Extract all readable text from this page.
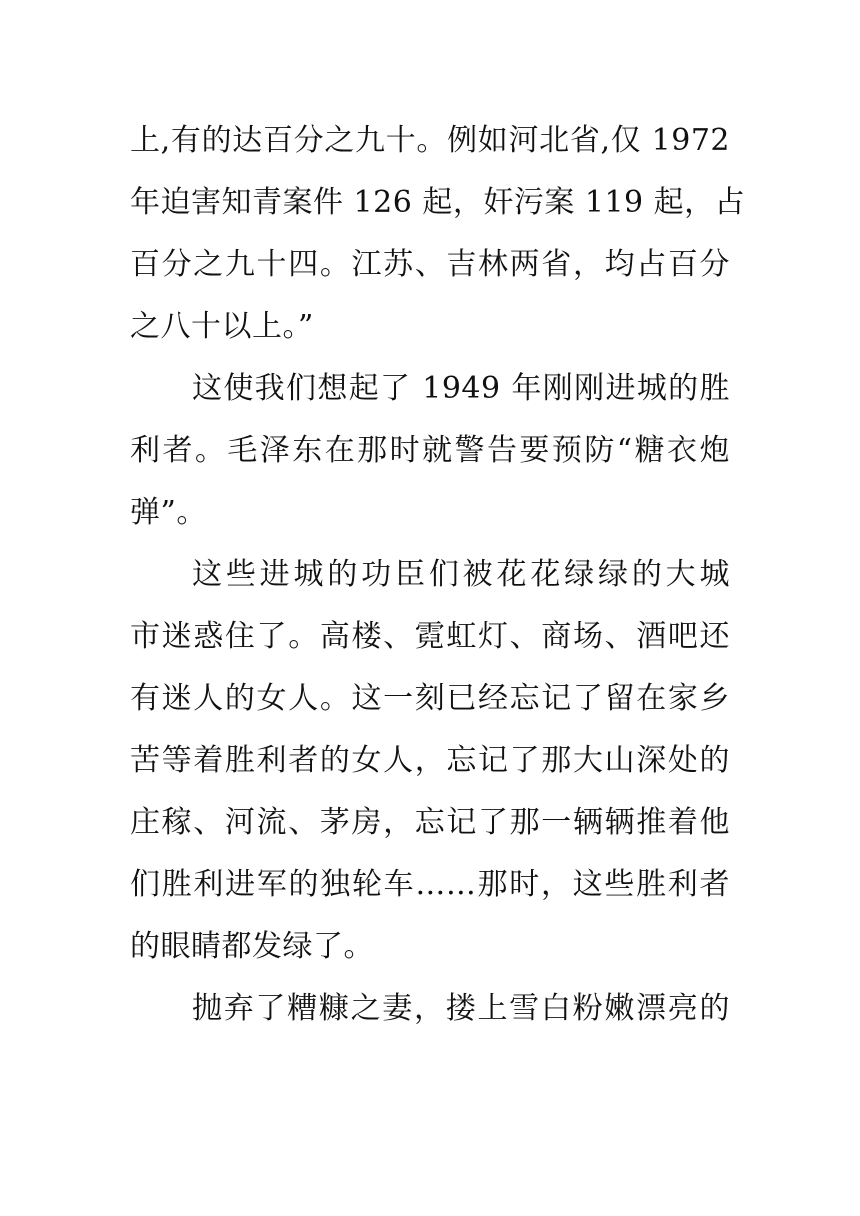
上,有的达百分之九十。例如河北省,仅 1972
年迫害知青案件 126 起，奸污案 119 起，占
百分之九十四。江苏、吉林两省，均占百分
之八十以上。”
这使我们想起了 1949 年刚刚进城的胜
利者。毛泽东在那时就警告要预防“糖衣炮
弹”。
这些进城的功臣们被花花绿绿的大城
市迷惑住了。高楼、霓虹灯、商场、酒吧还
有迷人的女人。这一刻已经忘记了留在家乡
苦等着胜利者的女人，忘记了那大山深处的
庄稼、河流、茅房，忘记了那一辆辆推着他
们胜利进军的独轮车……那时，这些胜利者
的眼睛都发绿了。
抛弃了糟糠之妻，搂上雪白粉嫩漂亮的
